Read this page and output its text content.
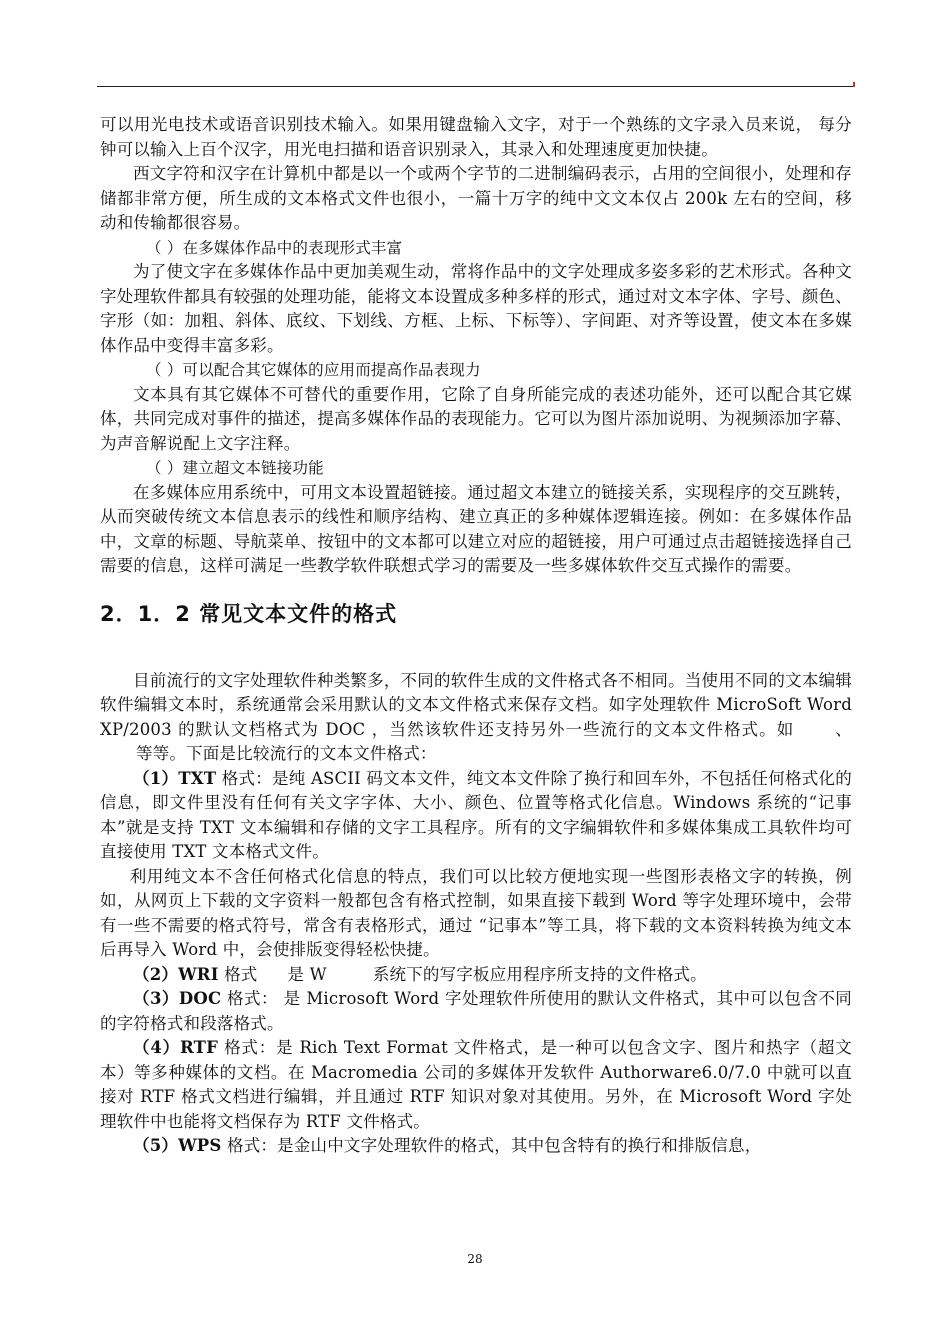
可以用光电技术或语音识别技术输入。如果用键盘输入文字，对于一个熟练的文字录入员来说， 每分钟可以输入上百个汉字，用光电扫描和语音识别录入，其录入和处理速度更加快捷。

西文字符和汉字在计算机中都是以一个或两个字节的二进制编码表示，占用的空间很小，处理和存储都非常方便，所生成的文本格式文件也很小，一篇十万字的纯中文文本仅占 200k 左右的空间，移动和传输都很容易。

（ ）在多媒体作品中的表现形式丰富

为了使文字在多媒体作品中更加美观生动，常将作品中的文字处理成多姿多彩的艺术形式。各种文字处理软件都具有较强的处理功能，能将文本设置成多种多样的形式，通过对文本字体、字号、颜色、字形（如：加粗、斜体、底纹、下划线、方框、上标、下标等）、字间距、对齐等设置，使文本在多媒体作品中变得丰富多彩。

（ ）可以配合其它媒体的应用而提高作品表现力

文本具有其它媒体不可替代的重要作用，它除了自身所能完成的表述功能外，还可以配合其它媒体，共同完成对事件的描述，提高多媒体作品的表现能力。它可以为图片添加说明、为视频添加字幕、为声音解说配上文字注释。

（ ）建立超文本链接功能

在多媒体应用系统中，可用文本设置超链接。通过超文本建立的链接关系，实现程序的交互跳转，从而突破传统文本信息表示的线性和顺序结构、建立真正的多种媒体逻辑连接。例如：在多媒体作品中，文章的标题、导航菜单、按钮中的文本都可以建立对应的超链接，用户可通过点击超链接选择自己需要的信息，这样可满足一些教学软件联想式学习的需要及一些多媒体软件交互式操作的需要。

2．1．2 常见文本文件的格式

目前流行的文字处理软件种类繁多，不同的软件生成的文件格式各不相同。当使用不同的文本编辑软件编辑文本时，系统通常会采用默认的文本文件格式来保存文档。如字处理软件 MicroSoft Word XP/2003 的默认文档格式为 DOC ，当然该软件还支持另外一些流行的文本文件格式。如 、等等。下面是比较流行的文本文件格式：

（1）TXT 格式：是纯 ASCII 码文本文件，纯文本文件除了换行和回车外，不包括任何格式化的信息，即文件里没有任何有关文字字体、大小、颜色、位置等格式化信息。Windows 系统的“记事本”就是支持 TXT 文本编辑和存储的文字工具程序。所有的文字编辑软件和多媒体集成工具软件均可直接使用 TXT 文本格式文件。

利用纯文本不含任何格式化信息的特点，我们可以比较方便地实现一些图形表格文字的转换，例如，从网页上下载的文字资料一般都包含有格式控制，如果直接下载到 Word 等字处理环境中，会带有一些不需要的格式符号，常含有表格形式，通过 “记事本”等工具，将下载的文本资料转换为纯文本后再导入 Word 中，会使排版变得轻松快捷。

（2）WRI 格式 是 W	系统下的写字板应用程序所支持的文件格式。

（3）DOC 格式： 是 Microsoft Word 字处理软件所使用的默认文件格式，其中可以包含不同的字符格式和段落格式。

（4）RTF 格式：是 Rich Text Format 文件格式，是一种可以包含文字、图片和热字（超文本）等多种媒体的文档。在 Macromedia 公司的多媒体开发软件 Authorware6.0/7.0 中就可以直接对 RTF 格式文档进行编辑，并且通过 RTF 知识对象对其使用。另外，在 Microsoft Word 字处理软件中也能将文档保存为 RTF 文件格式。

（5）WPS 格式：是金山中文字处理软件的格式，其中包含特有的换行和排版信息，

28
